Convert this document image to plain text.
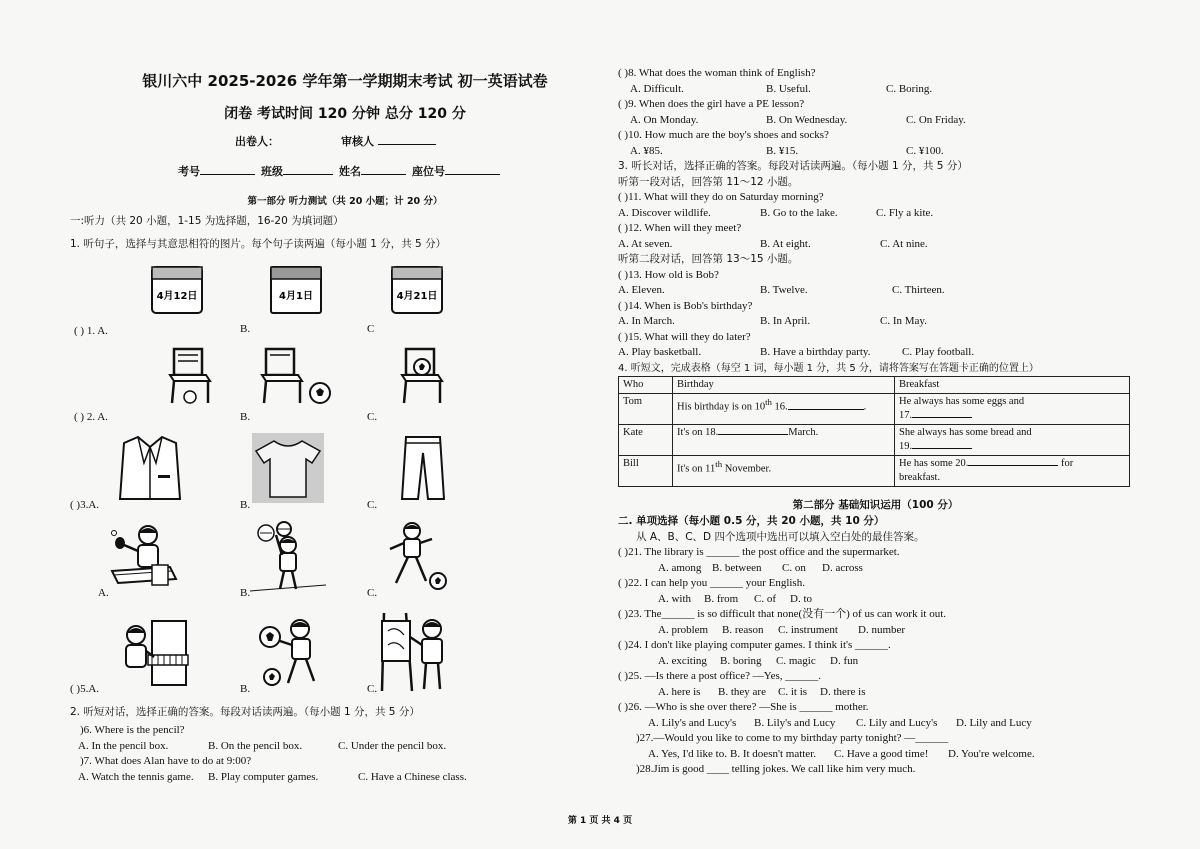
银川六中 2025-2026 学年第一学期期末考试 初一英语试卷
闭卷 考试时间 120 分钟 总分 120 分
出卷人：	审核人
考号	班级	姓名	座位号
第一部分 听力测试（共 20 小题；计 20 分）
一:听力（共 20 小题，1-15 为选择题，16-20 为填词题）
1. 听句子，选择与其意思相符的图片。每个句子读两遍（每小题 1 分，共 5 分）
( ) 1. A.
4月12日
B.
4月1日
C
4月21日
( ) 2. A.	B.	C.
( )3.A.	B.	C.
A.	B.	C.
( )5.A.	B.	C.
2. 听短对话，选择正确的答案。每段对话读两遍。（每小题 1 分，共 5 分）
)6. Where is the pencil?
A. In the pencil box.	B. On the pencil box.	C. Under the pencil box.
)7. What does Alan have to do at 9:00?
A. Watch the tennis game.	B. Play computer games.	C. Have a Chinese class.
( )8. What does the woman think of English?
A. Difficult.	B. Useful.	C. Boring.
( )9. When does the girl have a PE lesson?
A. On Monday.	B. On Wednesday.	C. On Friday.
( )10. How much are the boy's shoes and socks?
A. ¥85.	B. ¥15.	C. ¥100.
3. 听长对话，选择正确的答案。每段对话读两遍。（每小题 1 分，共 5 分）
听第一段对话，回答第 11～12 小题。
( )11. What will they do on Saturday morning?
A. Discover wildlife.	B. Go to the lake.	C. Fly a kite.
( )12. When will they meet?
A. At seven.	B. At eight.	C. At nine.
听第二段对话，回答第 13～15 小题。
( )13. How old is Bob?
A. Eleven.	B. Twelve.	C. Thirteen.
( )14. When is Bob's birthday?
A. In March.	B. In April.	C. In May.
( )15. What will they do later?
A. Play basketball.	B. Have a birthday party.	C. Play football.
4. 听短文，完成表格（每空 1 词，每小题 1 分，共 5 分，请将答案写在答题卡正确的位置上）
Who	Birthday	Breakfast
Tom	His birthday is on 10th 16. .	He always has some eggs and
17.

Kate	It's on 18. March.	She always has some bread and
19.

Bill	It's on 11th November.	He has some 20. for
breakfast.
第二部分 基础知识运用（100 分）
二. 单项选择（每小题 0.5 分，共 20 小题，共 10 分）
从 A、B、C、D 四个选项中选出可以填入空白处的最佳答案。
( )21. The library is ______ the post office and the supermarket.
A. among B. between	C. on	D. across
( )22. I can help you ______ your English.
A. with	B. from	C. of	D. to
( )23. The______ is so difficult that none(没有一个) of us can work it out.
A. problem	B. reason	C. instrument	D. number
( )24. I don't like playing computer games. I think it's ______.
A. exciting	B. boring	C. magic	D. fun
( )25. —Is there a post office? —Yes, ______.
A. here is	B. they are	C. it is	D. there is
( )26. —Who is she over there? —She is ______ mother.
A. Lily's and Lucy's	B. Lily's and Lucy	C. Lily and Lucy's	D. Lily and Lucy
)27.—Would you like to come to my birthday party tonight? —______
A. Yes, I'd like to. B. It doesn't matter.	C. Have a good time!	D. You're welcome.
)28.Jim is good ____ telling jokes. We call like him very much.
第 1 页 共 4 页
